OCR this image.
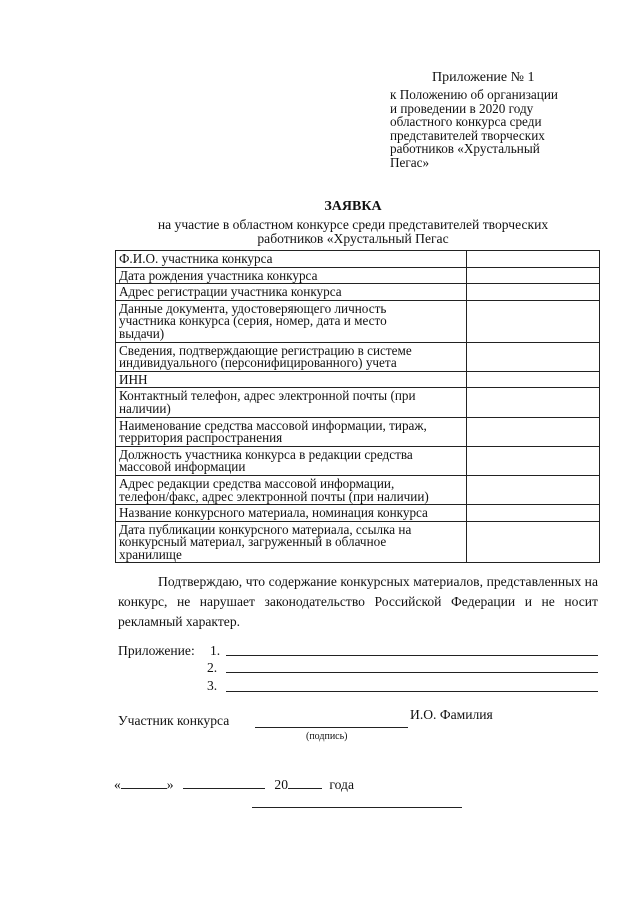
Приложение № 1
к Положению об организации
и проведении в 2020 году
областного конкурса среди
представителей творческих
работников «Хрустальный
Пегас»
ЗАЯВКА
на участие в областном конкурсе среди представителей творческих
работников «Хрустальный Пегас
Ф.И.О. участника конкурса	

Дата рождения участника конкурса	

Адрес регистрации участника конкурса	

Данные документа, удостоверяющего личность
участника конкурса (серия, номер, дата и место
выдачи)	

Сведения, подтверждающие регистрацию в системе
индивидуального (персонифицированного) учета	

ИНН	

Контактный телефон, адрес электронной почты (при
наличии)	

Наименование средства массовой информации, тираж,
территория распространения	

Должность участника конкурса в редакции средства
массовой информации	

Адрес редакции средства массовой информации,
телефон/факс, адрес электронной почты (при наличии)	

Название конкурсного материала, номинация конкурса	

Дата публикации конкурсного материала, ссылка на
конкурсный материал, загруженный в облачное
хранилище	

Подтверждаю, что содержание конкурсных материалов, представленных на конкурс, не нарушает законодательство Российской Федерации и не носит рекламный характер.
Приложение: 1.
2.
3.
Участник конкурса	И.О. Фамилия
(подпись)
«	»	20	года
